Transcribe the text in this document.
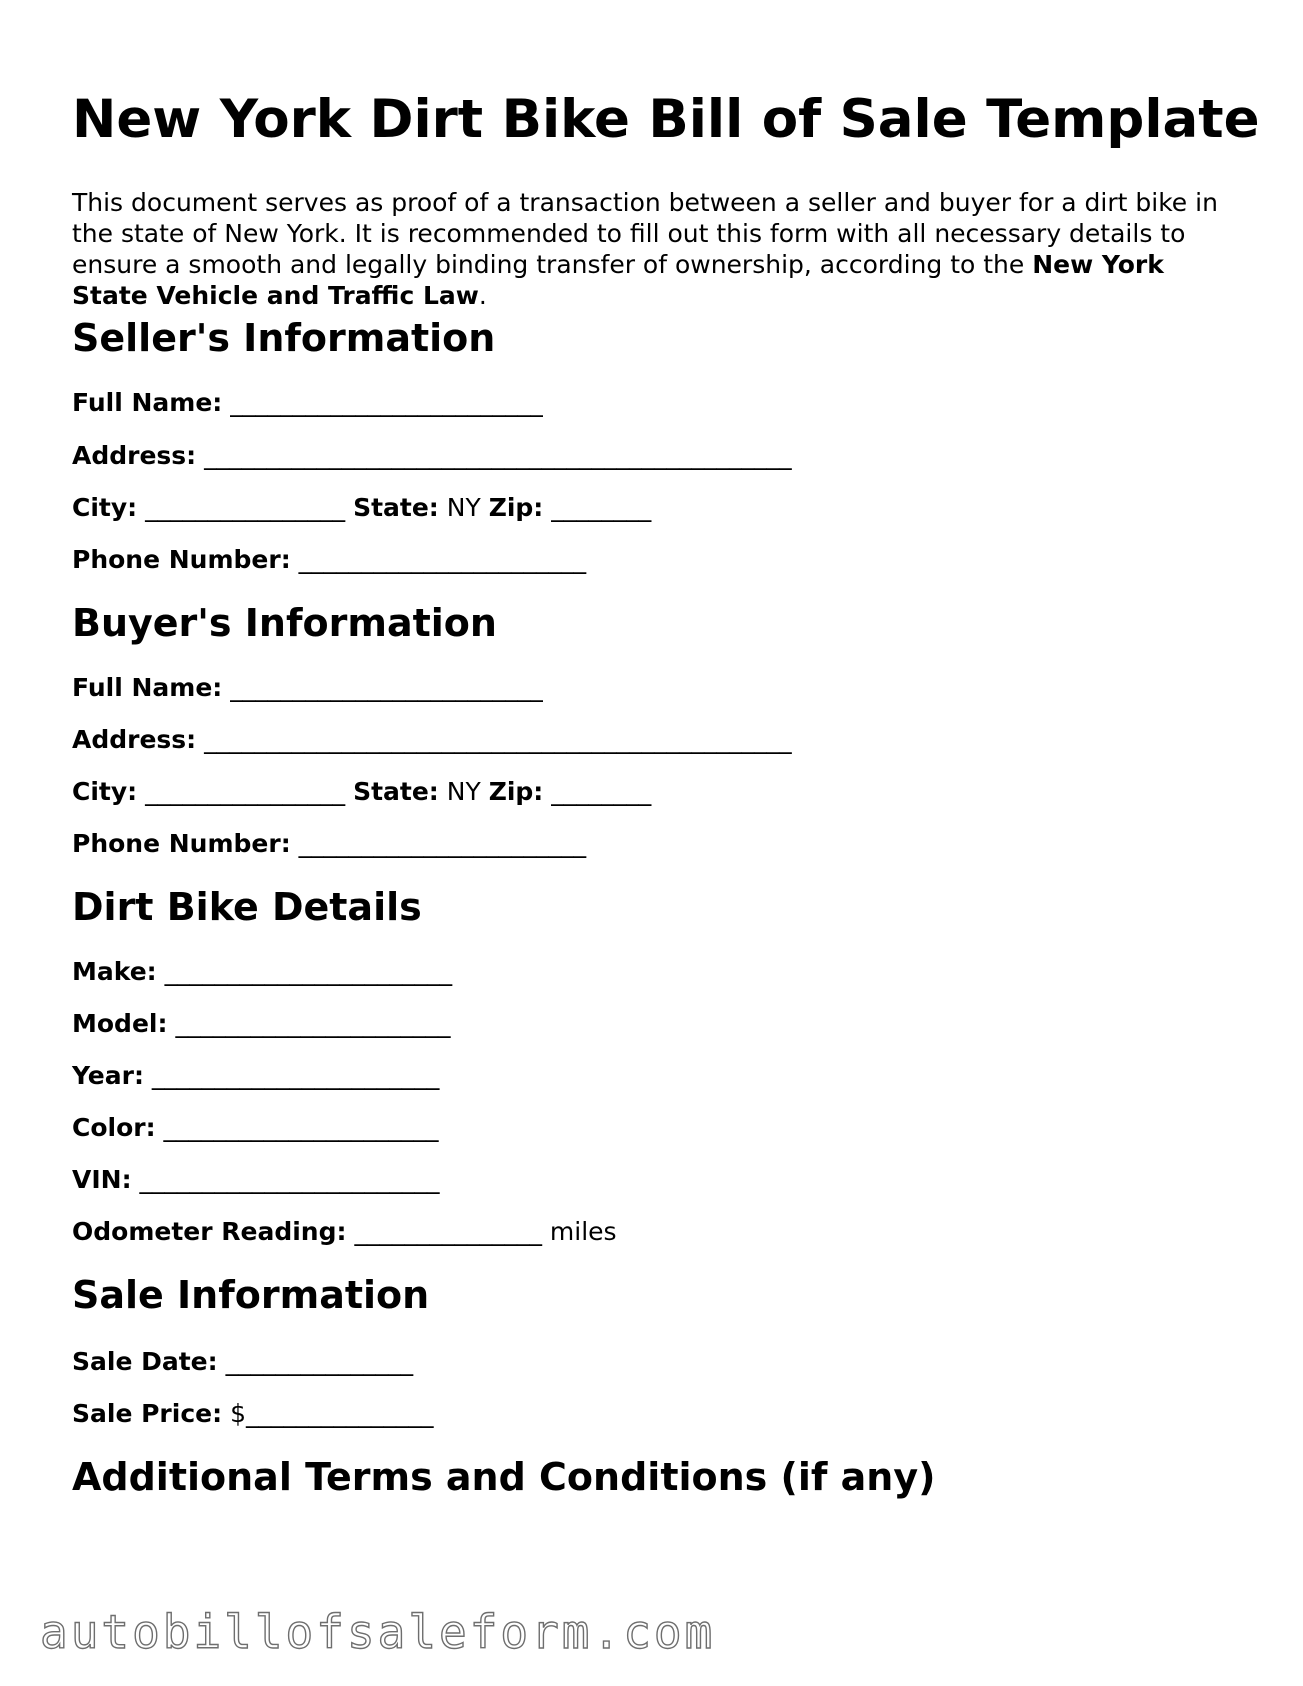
New York Dirt Bike Bill of Sale Template

This document serves as proof of a transaction between a seller and buyer for a dirt bike in the state of New York. It is recommended to fill out this form with all necessary details to ensure a smooth and legally binding transfer of ownership, according to the New York State Vehicle and Traffic Law.

Seller's Information

Full Name: _________________________

Address: _______________________________________________

City: ________________ State: NY Zip: ________

Phone Number: _______________________

Buyer's Information

Full Name: _________________________

Address: _______________________________________________

City: ________________ State: NY Zip: ________

Phone Number: _______________________

Dirt Bike Details

Make: _______________________

Model: ______________________

Year: _______________________

Color: ______________________

VIN: ________________________

Odometer Reading: _______________ miles

Sale Information

Sale Date: _______________

Sale Price: $_______________

Additional Terms and Conditions (if any)
autobillofsaleform.com
